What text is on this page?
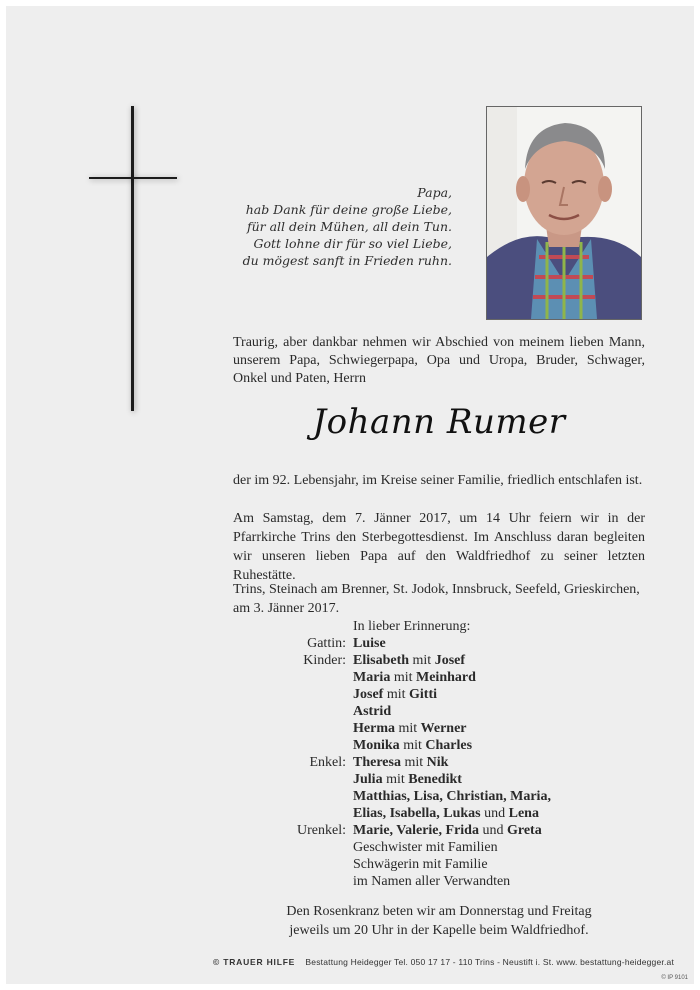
Papa,
hab Dank für deine große Liebe,
für all dein Mühen, all dein Tun.
Gott lohne dir für so viel Liebe,
du mögest sanft in Frieden ruhn.
Traurig, aber dankbar nehmen wir Abschied von meinem lieben Mann, unserem Papa, Schwiegerpapa, Opa und Uropa, Bruder, Schwager, Onkel und Paten, Herrn
Johann Rumer
der im 92. Lebensjahr, im Kreise seiner Familie, friedlich entschlafen ist.
Am Samstag, dem 7. Jänner 2017, um 14 Uhr feiern wir in der Pfarrkirche Trins den Sterbegottesdienst. Im Anschluss daran begleiten wir unseren lieben Papa auf den Waldfriedhof zu seiner letzten Ruhestätte.
Trins, Steinach am Brenner, St. Jodok, Innsbruck, Seefeld, Grieskirchen, am 3. Jänner 2017.
In lieber Erinnerung:
Gattin: Luise
Kinder: Elisabeth mit Josef
Maria mit Meinhard
Josef mit Gitti
Astrid
Herma mit Werner
Monika mit Charles
Enkel: Theresa mit Nik
Julia mit Benedikt
Matthias, Lisa, Christian, Maria,
Elias, Isabella, Lukas und Lena
Urenkel: Marie, Valerie, Frida und Greta
Geschwister mit Familien
Schwägerin mit Familie
im Namen aller Verwandten
Den Rosenkranz beten wir am Donnerstag und Freitag
jeweils um 20 Uhr in der Kapelle beim Waldfriedhof.
© TRAUER HILFE Bestattung Heidegger Tel. 050 17 17 - 110 Trins - Neustift i. St. www. bestattung-heidegger.at
© IP 9101
